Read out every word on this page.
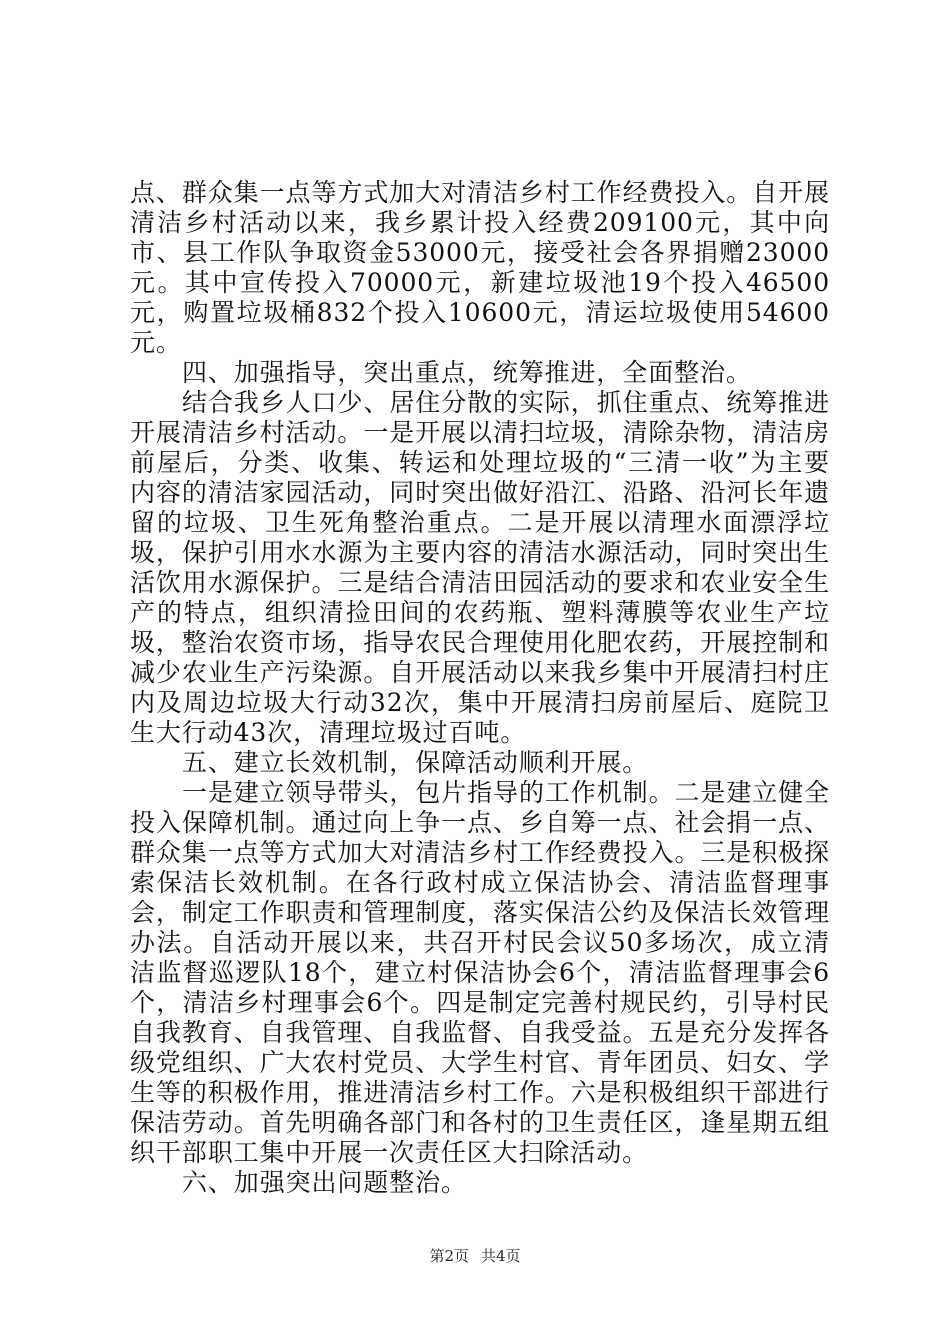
点、群众集一点等方式加大对清洁乡村工作经费投入。自开展清洁乡村活动以来，我乡累计投入经费209100元，其中向市、县工作队争取资金53000元，接受社会各界捐赠23000元。其中宣传投入70000元，新建垃圾池19个投入46500元，购置垃圾桶832个投入10600元，清运垃圾使用54600元。

四、加强指导，突出重点，统筹推进，全面整治。

结合我乡人口少、居住分散的实际，抓住重点、统筹推进开展清洁乡村活动。一是开展以清扫垃圾，清除杂物，清洁房前屋后，分类、收集、转运和处理垃圾的“三清一收”为主要内容的清洁家园活动，同时突出做好沿江、沿路、沿河长年遗留的垃圾、卫生死角整治重点。二是开展以清理水面漂浮垃圾，保护引用水水源为主要内容的清洁水源活动，同时突出生活饮用水源保护。三是结合清洁田园活动的要求和农业安全生产的特点，组织清捡田间的农药瓶、塑料薄膜等农业生产垃圾，整治农资市场，指导农民合理使用化肥农药，开展控制和减少农业生产污染源。自开展活动以来我乡集中开展清扫村庄内及周边垃圾大行动32次，集中开展清扫房前屋后、庭院卫生大行动43次，清理垃圾过百吨。

五、建立长效机制，保障活动顺利开展。

一是建立领导带头，包片指导的工作机制。二是建立健全投入保障机制。通过向上争一点、乡自筹一点、社会捐一点、群众集一点等方式加大对清洁乡村工作经费投入。三是积极探索保洁长效机制。在各行政村成立保洁协会、清洁监督理事会，制定工作职责和管理制度，落实保洁公约及保洁长效管理办法。自活动开展以来，共召开村民会议50多场次，成立清洁监督巡逻队18个，建立村保洁协会6个，清洁监督理事会6个，清洁乡村理事会6个。四是制定完善村规民约，引导村民自我教育、自我管理、自我监督、自我受益。五是充分发挥各级党组织、广大农村党员、大学生村官、青年团员、妇女、学生等的积极作用，推进清洁乡村工作。六是积极组织干部进行保洁劳动。首先明确各部门和各村的卫生责任区，逢星期五组织干部职工集中开展一次责任区大扫除活动。

六、加强突出问题整治。

第2页 共4页
